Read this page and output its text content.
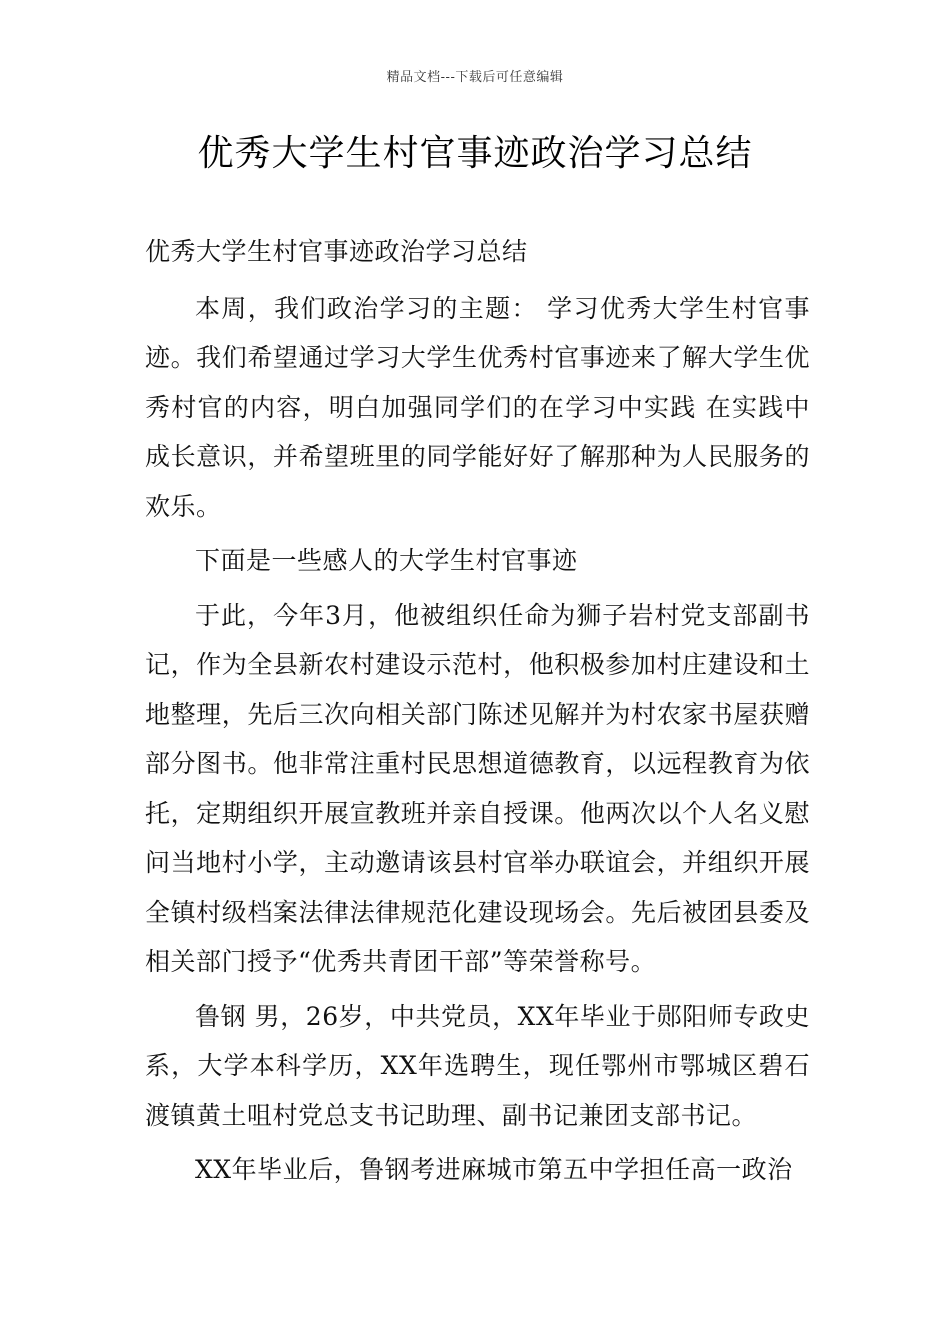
精品文档---下载后可任意编辑
优秀大学生村官事迹政治学习总结

优秀大学生村官事迹政治学习总结

本周，我们政治学习的主题： 学习优秀大学生村官事迹。我们希望通过学习大学生优秀村官事迹来了解大学生优秀村官的内容，明白加强同学们的在学习中实践 在实践中成长意识，并希望班里的同学能好好了解那种为人民服务的欢乐。

下面是一些感人的大学生村官事迹

于此，今年3月，他被组织任命为狮子岩村党支部副书记，作为全县新农村建设示范村，他积极参加村庄建设和土地整理，先后三次向相关部门陈述见解并为村农家书屋获赠部分图书。他非常注重村民思想道德教育，以远程教育为依托，定期组织开展宣教班并亲自授课。他两次以个人名义慰问当地村小学，主动邀请该县村官举办联谊会，并组织开展全镇村级档案法律法律规范化建设现场会。先后被团县委及相关部门授予“优秀共青团干部”等荣誉称号。

鲁钢 男，26岁，中共党员，XX年毕业于郧阳师专政史系，大学本科学历，XX年选聘生，现任鄂州市鄂城区碧石渡镇黄土咀村党总支书记助理、副书记兼团支部书记。

XX年毕业后，鲁钢考进麻城市第五中学担任高一政治
